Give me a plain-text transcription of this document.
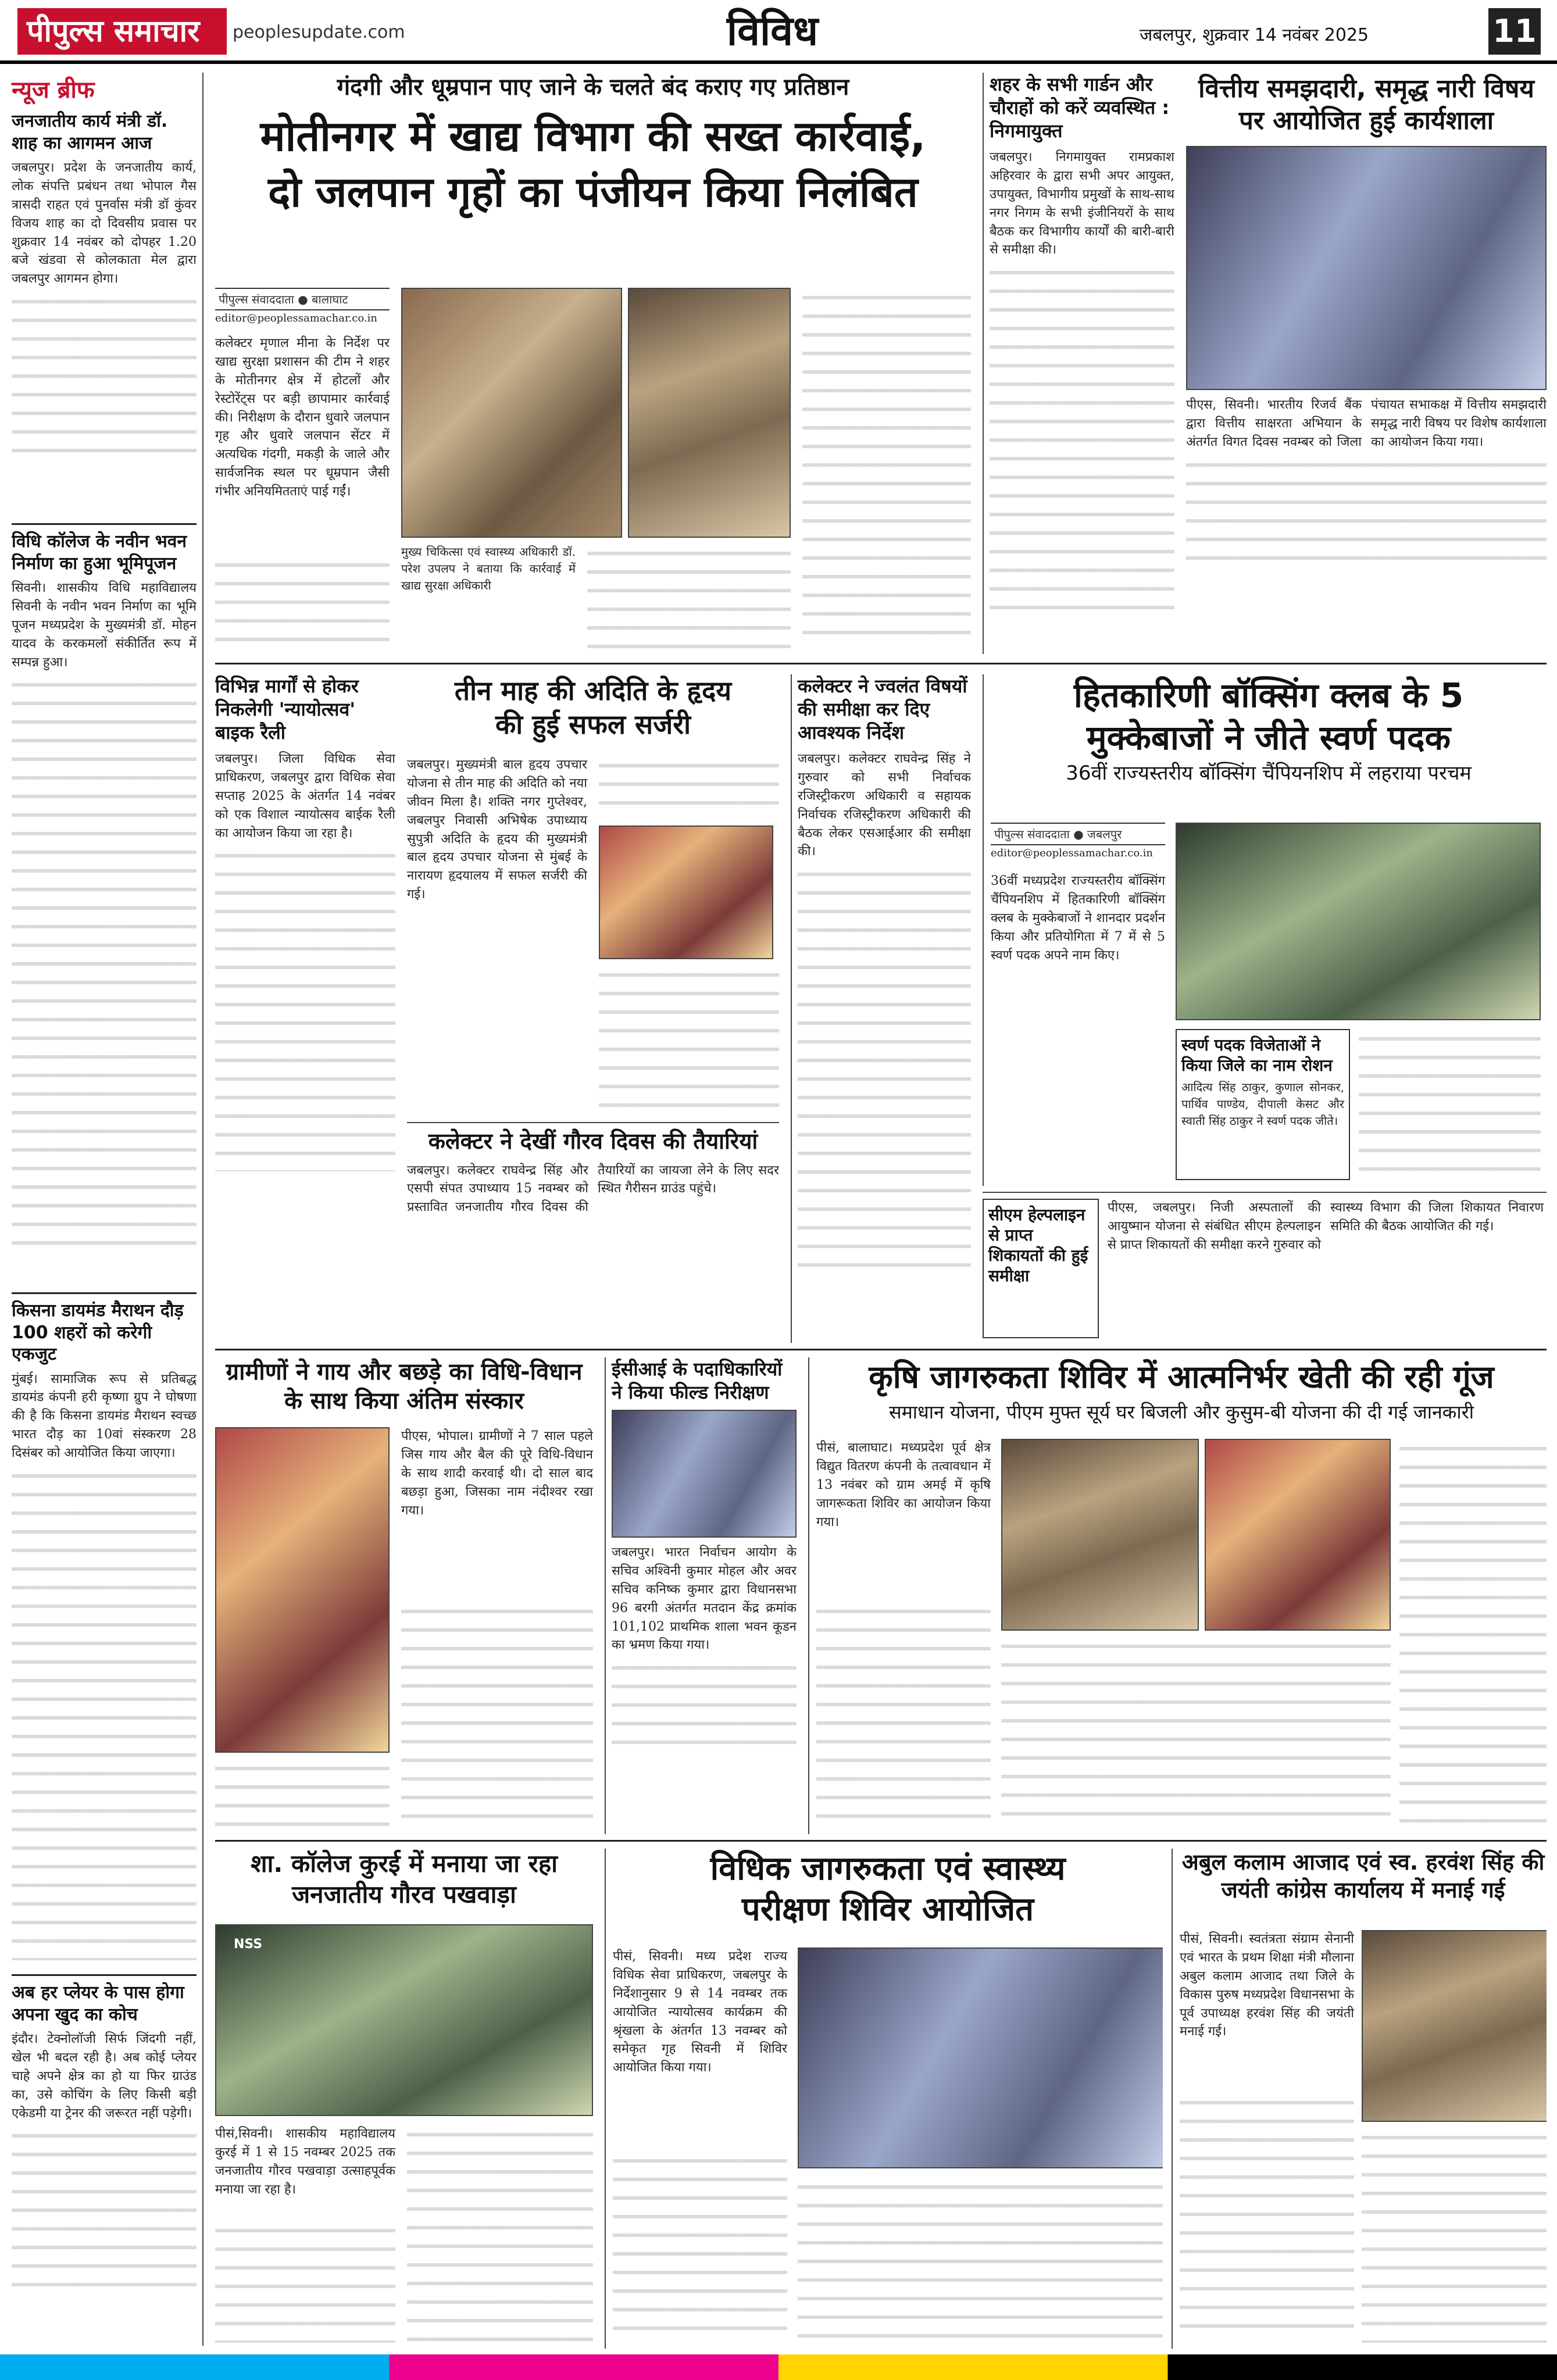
पीपुल्स समाचार	peoplesupdate.com	विविध	जबलपुर, शुक्रवार 14 नवंबर 2025	11
न्यूज ब्रीफ
जनजातीय कार्य मंत्री डॉ. शाह का आगमन आज
जबलपुर। प्रदेश के जनजातीय कार्य, लोक संपत्ति प्रबंधन तथा भोपाल गैस त्रासदी राहत एवं पुनर्वास मंत्री डॉ कुंवर विजय शाह का दो दिवसीय प्रवास पर शुक्रवार 14 नवंबर को दोपहर 1.20 बजे खंडवा से कोलकाता मेल द्वारा जबलपुर आगमन होगा।
विधि कॉलेज के नवीन भवन निर्माण का हुआ भूमिपूजन
सिवनी। शासकीय विधि महाविद्यालय सिवनी के नवीन भवन निर्माण का भूमि पूजन मध्यप्रदेश के मुख्यमंत्री डॉ. मोहन यादव के करकमलों संकीर्तित रूप में सम्पन्न हुआ।
किसना डायमंड मैराथन दौड़ 100 शहरों को करेगी एकजुट
मुंबई। सामाजिक रूप से प्रतिबद्ध डायमंड कंपनी हरी कृष्णा ग्रुप ने घोषणा की है कि किसना डायमंड मैराथन स्वच्छ भारत दौड़ का 10वां संस्करण 28 दिसंबर को आयोजित किया जाएगा।
अब हर प्लेयर के पास होगा अपना खुद का कोच
इंदौर। टेक्नोलॉजी सिर्फ जिंदगी नहीं, खेल भी बदल रही है। अब कोई प्लेयर चाहे अपने क्षेत्र का हो या फिर ग्राउंड का, उसे कोचिंग के लिए किसी बड़ी एकेडमी या ट्रेनर की जरूरत नहीं पड़ेगी।
गंदगी और धूम्रपान पाए जाने के चलते बंद कराए गए प्रतिष्ठान
मोतीनगर में खाद्य विभाग की सख्त कार्रवाई,
दो जलपान गृहों का पंजीयन किया निलंबित
पीपुल्स संवाददाता ● बालाघाट
editor@peoplessamachar.co.in
कलेक्टर मृणाल मीना के निर्देश पर खाद्य सुरक्षा प्रशासन की टीम ने शहर के मोतीनगर क्षेत्र में होटलों और रेस्टोरेंट्स पर बड़ी छापामार कार्रवाई की। निरीक्षण के दौरान धुवारे जलपान गृह और धुवारे जलपान सेंटर में अत्यधिक गंदगी, मकड़ी के जाले और सार्वजनिक स्थल पर धूम्रपान जैसी गंभीर अनियमितताएं पाई गईं।
मुख्य चिकित्सा एवं स्वास्थ्य अधिकारी डॉ. परेश उपलप ने बताया कि कार्रवाई में खाद्य सुरक्षा अधिकारी
शहर के सभी गार्डन और चौराहों को करें व्यवस्थित : निगमायुक्त
जबलपुर। निगमायुक्त रामप्रकाश अहिरवार के द्वारा सभी अपर आयुक्त, उपायुक्त, विभागीय प्रमुखों के साथ-साथ नगर निगम के सभी इंजीनियरों के साथ बैठक कर विभागीय कार्यों की बारी-बारी से समीक्षा की।
वित्तीय समझदारी, समृद्ध नारी विषय पर आयोजित हुई कार्यशाला
पीएस, सिवनी। भारतीय रिजर्व बैंक द्वारा वित्तीय साक्षरता अभियान के अंतर्गत विगत दिवस नवम्बर को जिला पंचायत सभाकक्ष में वित्तीय समझदारी समृद्ध नारी विषय पर विशेष कार्यशाला का आयोजन किया गया।
विभिन्न मार्गों से होकर निकलेगी 'न्यायोत्सव' बाइक रैली
जबलपुर। जिला विधिक सेवा प्राधिकरण, जबलपुर द्वारा विधिक सेवा सप्ताह 2025 के अंतर्गत 14 नवंबर को एक विशाल न्यायोत्सव बाईक रैली का आयोजन किया जा रहा है।
तीन माह की अदिति के हृदय
की हुई सफल सर्जरी
जबलपुर। मुख्यमंत्री बाल हृदय उपचार योजना से तीन माह की अदिति को नया जीवन मिला है। शक्ति नगर गुप्तेश्वर, जबलपुर निवासी अभिषेक उपाध्याय सुपुत्री अदिति के हृदय की मुख्यमंत्री बाल हृदय उपचार योजना से मुंबई के नारायण हृदयालय में सफल सर्जरी की गई।
कलेक्टर ने देखीं गौरव दिवस की तैयारियां
जबलपुर। कलेक्टर राघवेन्द्र सिंह और एसपी संपत उपाध्याय 15 नवम्बर को प्रस्तावित जनजातीय गौरव दिवस की तैयारियों का जायजा लेने के लिए सदर स्थित गैरीसन ग्राउंड पहुंचे।
कलेक्टर ने ज्वलंत विषयों की समीक्षा कर दिए आवश्यक निर्देश
जबलपुर। कलेक्टर राघवेन्द्र सिंह ने गुरुवार को सभी निर्वाचक रजिस्ट्रीकरण अधिकारी व सहायक निर्वाचक रजिस्ट्रीकरण अधिकारी की बैठक लेकर एसआईआर की समीक्षा की।
हितकारिणी बॉक्सिंग क्लब के 5
मुक्केबाजों ने जीते स्वर्ण पदक
36वीं राज्यस्तरीय बॉक्सिंग चैंपियनशिप में लहराया परचम
पीपुल्स संवाददाता ● जबलपुर
editor@peoplessamachar.co.in
36वीं मध्यप्रदेश राज्यस्तरीय बॉक्सिंग चैंपियनशिप में हितकारिणी बॉक्सिंग क्लब के मुक्केबाजों ने शानदार प्रदर्शन किया और प्रतियोगिता में 7 में से 5 स्वर्ण पदक अपने नाम किए।
स्वर्ण पदक विजेताओं ने किया जिले का नाम रोशन
आदित्य सिंह ठाकुर, कुणाल सोनकर, पार्थिव पाण्डेय, दीपाली केसट और स्वाती सिंह ठाकुर ने स्वर्ण पदक जीते।
सीएम हेल्पलाइन से प्राप्त शिकायतों की हुई समीक्षा
पीएस, जबलपुर। निजी अस्पतालों की आयुष्मान योजना से संबंधित सीएम हेल्पलाइन से प्राप्त शिकायतों की समीक्षा करने गुरुवार को स्वास्थ्य विभाग की जिला शिकायत निवारण समिति की बैठक आयोजित की गई।
ग्रामीणों ने गाय और बछड़े का विधि-विधान के साथ किया अंतिम संस्कार
पीएस, भोपाल। ग्रामीणों ने 7 साल पहले जिस गाय और बैल की पूरे विधि-विधान के साथ शादी करवाई थी। दो साल बाद बछड़ा हुआ, जिसका नाम नंदीश्वर रखा गया।
ईसीआई के पदाधिकारियों ने किया फील्ड निरीक्षण
जबलपुर। भारत निर्वाचन आयोग के सचिव अश्विनी कुमार मोहल और अवर सचिव कनिष्क कुमार द्वारा विधानसभा 96 बरगी अंतर्गत मतदान केंद्र क्रमांक 101,102 प्राथमिक शाला भवन कूडन का भ्रमण किया गया।
कृषि जागरुकता शिविर में आत्मनिर्भर खेती की रही गूंज
समाधान योजना, पीएम मुफ्त सूर्य घर बिजली और कुसुम-बी योजना की दी गई जानकारी
पीसं, बालाघाट। मध्यप्रदेश पूर्व क्षेत्र विद्युत वितरण कंपनी के तत्वावधान में 13 नवंबर को ग्राम अमई में कृषि जागरूकता शिविर का आयोजन किया गया।
शा. कॉलेज कुरई में मनाया जा रहा जनजातीय गौरव पखवाड़ा
NSS
पीसं,सिवनी। शासकीय महाविद्यालय कुरई में 1 से 15 नवम्बर 2025 तक जनजातीय गौरव पखवाड़ा उत्साहपूर्वक मनाया जा रहा है।
विधिक जागरुकता एवं स्वास्थ्य
परीक्षण शिविर आयोजित
पीसं, सिवनी। मध्य प्रदेश राज्य विधिक सेवा प्राधिकरण, जबलपुर के निर्देशानुसार 9 से 14 नवम्बर तक आयोजित न्यायोत्सव कार्यक्रम की श्रृंखला के अंतर्गत 13 नवम्बर को समेकृत गृह सिवनी में शिविर आयोजित किया गया।
अबुल कलाम आजाद एवं स्व. हरवंश सिंह की जयंती कांग्रेस कार्यालय में मनाई गई
पीसं, सिवनी। स्वतंत्रता संग्राम सेनानी एवं भारत के प्रथम शिक्षा मंत्री मौलाना अबुल कलाम आजाद तथा जिले के विकास पुरुष मध्यप्रदेश विधानसभा के पूर्व उपाध्यक्ष हरवंश सिंह की जयंती मनाई गई।
